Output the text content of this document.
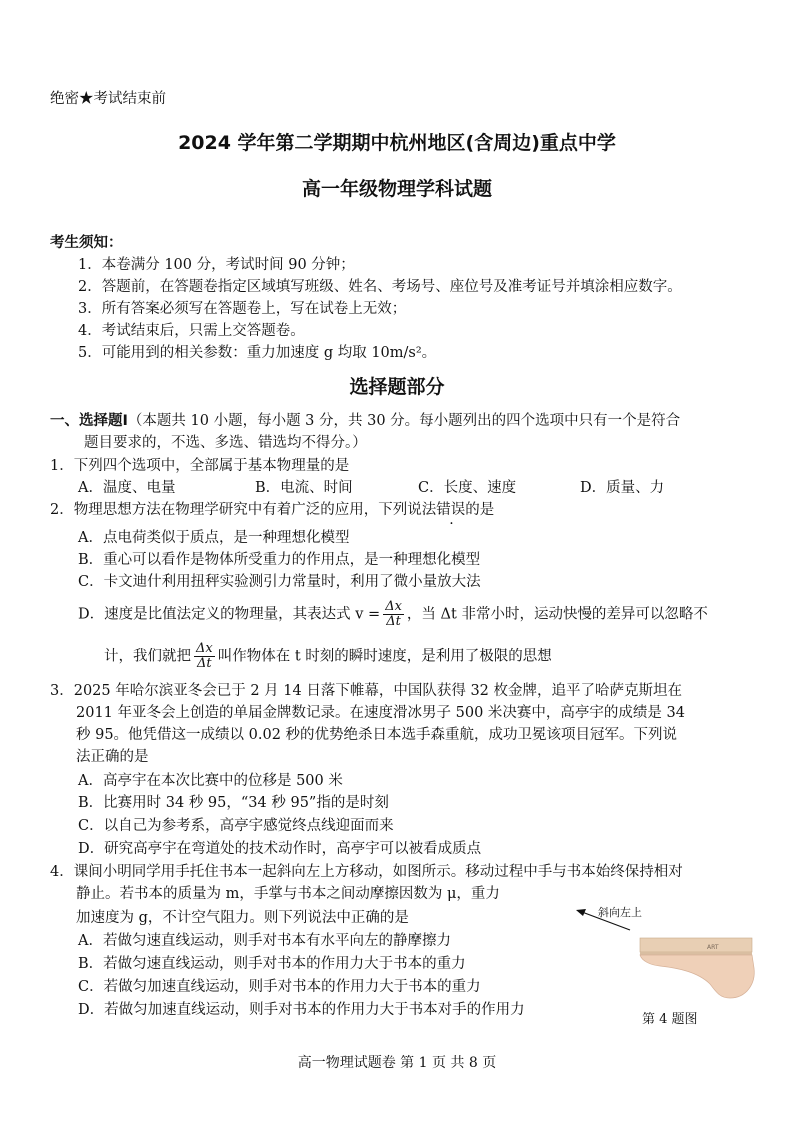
绝密★考试结束前
2024 学年第二学期期中杭州地区(含周边)重点中学
高一年级物理学科试题
考生须知：
1．本卷满分 100 分，考试时间 90 分钟；
2．答题前，在答题卷指定区域填写班级、姓名、考场号、座位号及准考证号并填涂相应数字。
3．所有答案必须写在答题卷上，写在试卷上无效；
4．考试结束后，只需上交答题卷。
5．可能用到的相关参数：重力加速度 g 均取 10m/s²。
选择题部分
一、选择题Ⅰ（本题共 10 小题，每小题 3 分，共 30 分。每小题列出的四个选项中只有一个是符合
题目要求的，不选、多选、错选均不得分。）
1．下列四个选项中，全部属于基本物理量的是
A．温度、电量	B．电流、时间	C．长度、速度	D．质量、力
2．物理思想方法在物理学研究中有着广泛的应用，下列说法错误的是
A．点电荷类似于质点，是一种理想化模型
B．重心可以看作是物体所受重力的作用点，是一种理想化模型
C．卡文迪什利用扭秤实验测引力常量时，利用了微小量放大法
D．速度是比值法定义的物理量，其表达式 $v = \frac{\Delta x}{\Delta t}$ ，当 Δt 非常小时，运动快慢的差异可以忽略不
计，我们就把 $\frac{\Delta x}{\Delta t}$ 叫作物体在 t 时刻的瞬时速度，是利用了极限的思想
3．2025 年哈尔滨亚冬会已于 2 月 14 日落下帷幕，中国队获得 32 枚金牌，追平了哈萨克斯坦在
2011 年亚冬会上创造的单届金牌数记录。在速度滑冰男子 500 米决赛中，高亭宇的成绩是 34
秒 95。他凭借这一成绩以 0.02 秒的优势绝杀日本选手森重航，成功卫冕该项目冠军。下列说
法正确的是
A．高亭宇在本次比赛中的位移是 500 米
B．比赛用时 34 秒 95，“34 秒 95”指的是时刻
C．以自己为参考系，高亭宇感觉终点线迎面而来
D．研究高亭宇在弯道处的技术动作时，高亭宇可以被看成质点
4．课间小明同学用手托住书本一起斜向左上方移动，如图所示。移动过程中手与书本始终保持相对
静止。若书本的质量为 m，手掌与书本之间动摩擦因数为 μ，重力
加速度为 g，不计空气阻力。则下列说法中正确的是
A．若做匀速直线运动，则手对书本有水平向左的静摩擦力
B．若做匀速直线运动，则手对书本的作用力大于书本的重力
C．若做匀加速直线运动，则手对书本的作用力大于书本的重力
D．若做匀加速直线运动，则手对书本的作用力大于书本对手的作用力
ART
斜向左上
第 4 题图
高一物理试题卷 第 1 页 共 8 页
